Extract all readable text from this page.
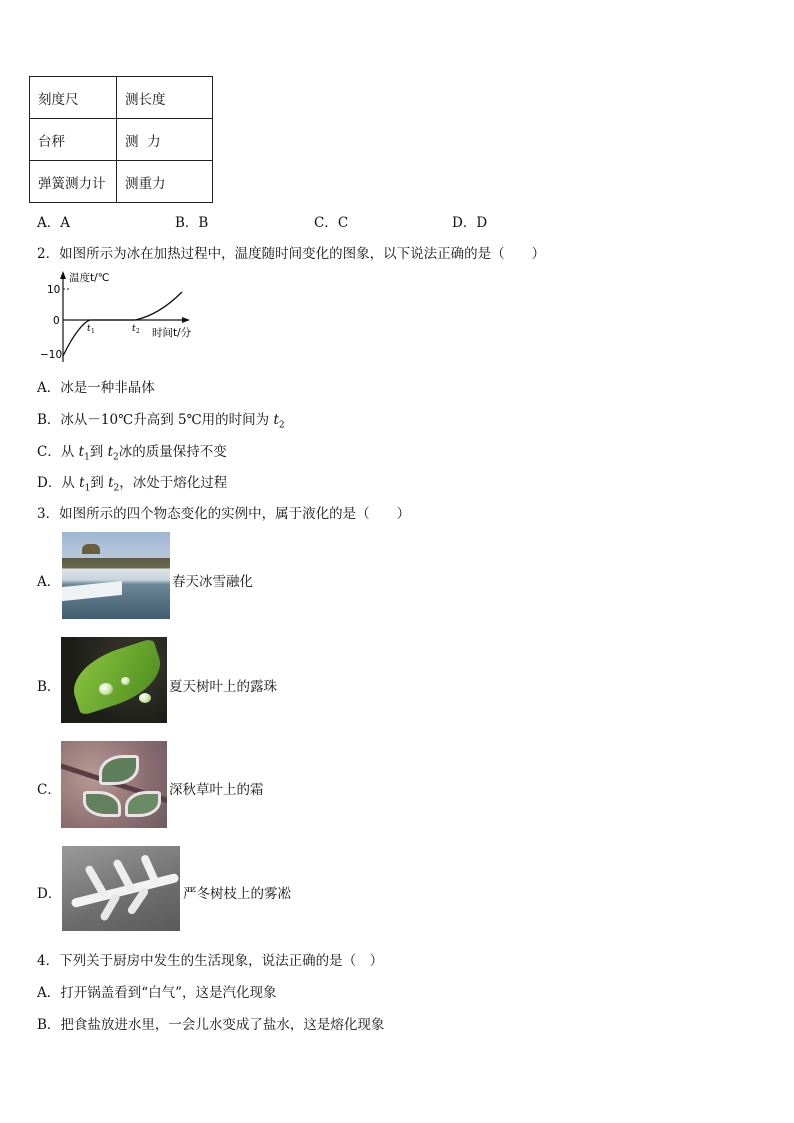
刻度尺	测长度
台秤	测  力
弹簧测力计	测重力
A．A	B．B	C．C	D．D
2．如图所示为冰在加热过程中，温度随时间变化的图象，以下说法正确的是（　　）
温度t/℃
时间t/分
10
0
−10
t 1	t 2
A．冰是一种非晶体
B．冰从－10℃升高到 5℃用的时间为 $t_2$
C．从 $t_1$到 $t_2$冰的质量保持不变
D．从 $t_1$到 $t_2$，冰处于熔化过程
3．如图所示的四个物态变化的实例中，属于液化的是（　　）
A．	春天冰雪融化
B．	夏天树叶上的露珠
C．	深秋草叶上的霜
D．	严冬树枝上的雾凇
4．下列关于厨房中发生的生活现象，说法正确的是（　）
A．打开锅盖看到“白气”，这是汽化现象
B．把食盐放进水里，一会儿水变成了盐水，这是熔化现象
